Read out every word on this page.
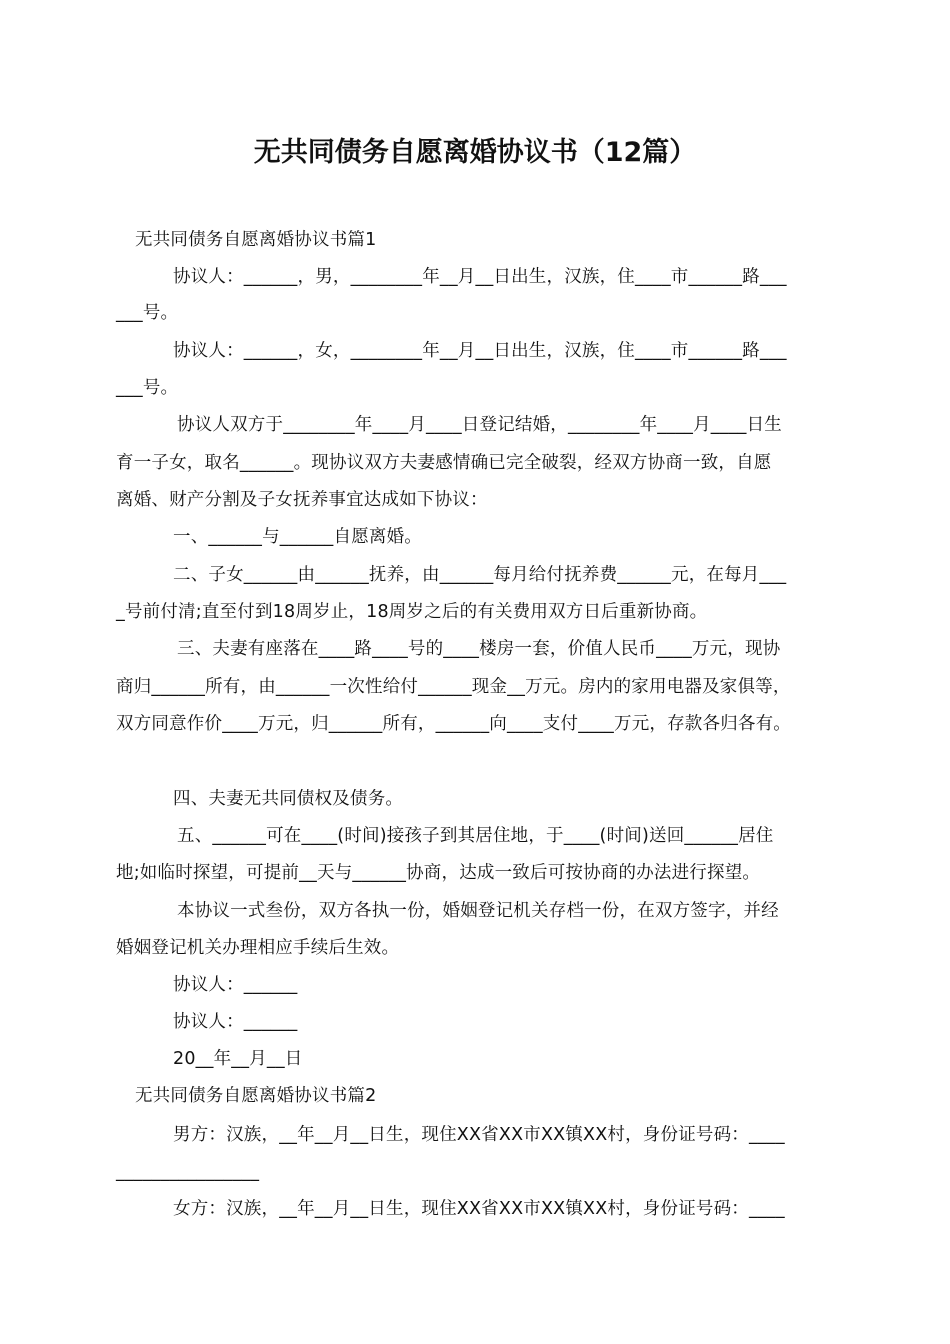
无共同债务自愿离婚协议书（12篇）
无共同债务自愿离婚协议书篇1
协议人：______，男，________年__月__日出生，汉族，住____市______路___
___号。
协议人：______，女，________年__月__日出生，汉族，住____市______路___
___号。
协议人双方于________年____月____日登记结婚，________年____月____日生
育一子女，取名______。现协议双方夫妻感情确已完全破裂，经双方协商一致，自愿
离婚、财产分割及子女抚养事宜达成如下协议：
一、______与______自愿离婚。
二、子女______由______抚养，由______每月给付抚养费______元，在每月___
_号前付清;直至付到18周岁止，18周岁之后的有关费用双方日后重新协商。
三、夫妻有座落在____路____号的____楼房一套，价值人民币____万元，现协
商归______所有，由______一次性给付______现金__万元。房内的家用电器及家俱等，
双方同意作价____万元，归______所有，______向____支付____万元，存款各归各有。
四、夫妻无共同债权及债务。
五、______可在____(时间)接孩子到其居住地，于____(时间)送回______居住
地;如临时探望，可提前__天与______协商，达成一致后可按协商的办法进行探望。
本协议一式叁份，双方各执一份，婚姻登记机关存档一份，在双方签字，并经
婚姻登记机关办理相应手续后生效。
协议人：______
协议人：______
20__年__月__日
无共同债务自愿离婚协议书篇2
男方：汉族，__年__月__日生，现住XX省XX市XX镇XX村，身份证号码：____
________________
女方：汉族，__年__月__日生，现住XX省XX市XX镇XX村，身份证号码：____
